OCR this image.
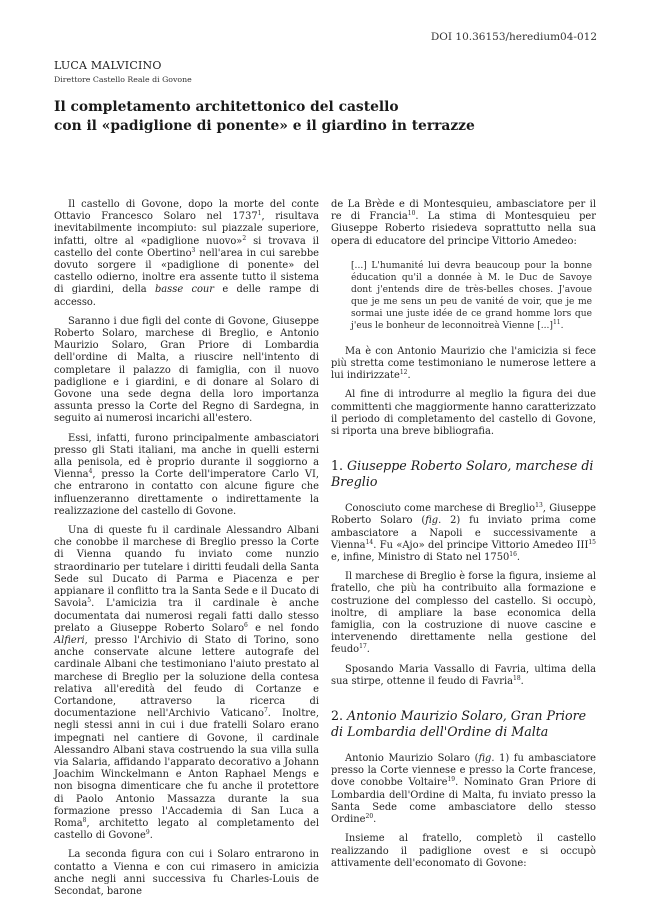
DOI 10.36153/heredium04-012
LUCA MALVICINO
Direttore Castello Reale di Govone
Il completamento architettonico del castello
con il «padiglione di ponente» e il giardino in terrazze

Il castello di Govone, dopo la morte del conte Ottavio Francesco Solaro nel 1737$^1$, risultava inevitabilmente incompiuto: sul piazzale superiore, infatti, oltre al «padiglione nuovo»$^2$ si trovava il castello del conte Obertino$^3$ nell'area in cui sarebbe dovuto sorgere il «padiglione di ponente» del castello odierno, inoltre era assente tutto il sistema di giardini, della basse cour e delle rampe di accesso.

Saranno i due figli del conte di Govone, Giuseppe Roberto Solaro, marchese di Breglio, e Antonio Maurizio Solaro, Gran Priore di Lombardia dell'ordine di Malta, a riuscire nell'intento di completare il palazzo di famiglia, con il nuovo padiglione e i giardini, e di donare al Solaro di Govone una sede degna della loro importanza assunta presso la Corte del Regno di Sardegna, in seguito ai numerosi incarichi all'estero.

Essi, infatti, furono principalmente ambasciatori presso gli Stati italiani, ma anche in quelli esterni alla penisola, ed è proprio durante il soggiorno a Vienna$^4$, presso la Corte dell'imperatore Carlo VI, che entrarono in contatto con alcune figure che influenzeranno direttamente o indirettamente la realizzazione del castello di Govone.

Una di queste fu il cardinale Alessandro Albani che conobbe il marchese di Breglio presso la Corte di Vienna quando fu inviato come nunzio straordinario per tutelare i diritti feudali della Santa Sede sul Ducato di Parma e Piacenza e per appianare il conflitto tra la Santa Sede e il Ducato di Savoia$^5$. L'amicizia tra il cardinale è anche documentata dai numerosi regali fatti dallo stesso prelato a Giuseppe Roberto Solaro$^6$ e nel fondo Alfieri, presso l'Archivio di Stato di Torino, sono anche conservate alcune lettere autografe del cardinale Albani che testimoniano l'aiuto prestato al marchese di Breglio per la soluzione della contesa relativa all'eredità del feudo di Cortanze e Cortandone, attraverso la ricerca di documentazione nell'Archivio Vaticano$^7$. Inoltre, negli stessi anni in cui i due fratelli Solaro erano impegnati nel cantiere di Govone, il cardinale Alessandro Albani stava costruendo la sua villa sulla via Salaria, affidando l'apparato decorativo a Johann Joachim Winckelmann e Anton Raphael Mengs e non bisogna dimenticare che fu anche il protettore di Paolo Antonio Massazza durante la sua formazione presso l'Accademia di San Luca a Roma$^8$, architetto legato al completamento del castello di Govone$^9$.

La seconda figura con cui i Solaro entrarono in contatto a Vienna e con cui rimasero in amicizia anche negli anni successiva fu Charles-Louis de Secondat, barone

de La Brède e di Montesquieu, ambasciatore per il re di Francia$^{10}$. La stima di Montesquieu per Giuseppe Roberto risiedeva soprattutto nella sua opera di educatore del principe Vittorio Amedeo:

[...] L'humanité lui devra beaucoup pour la bonne éducation qu'il a donnée à M. le Duc de Savoye dont j'entends dire de très-belles choses. J'avoue que je me sens un peu de vanité de voir, que je me sormai une juste idée de ce grand homme lors que j'eus le bonheur de leconnoitreà Vienne [...]$^{11}$.

Ma è con Antonio Maurizio che l'amicizia si fece più stretta come testimoniano le numerose lettere a lui indirizzate$^{12}$.

Al fine di introdurre al meglio la figura dei due committenti che maggiormente hanno caratterizzato il periodo di completamento del castello di Govone, si riporta una breve bibliografia.

1. Giuseppe Roberto Solaro, marchese di Breglio

Conosciuto come marchese di Breglio$^{13}$, Giuseppe Roberto Solaro (fig. 2) fu inviato prima come ambasciatore a Napoli e successivamente a Vienna$^{14}$. Fu «Ajo» del principe Vittorio Amedeo III$^{15}$ e, infine, Ministro di Stato nel 1750$^{16}$.

Il marchese di Breglio è forse la figura, insieme al fratello, che più ha contribuito alla formazione e costruzione del complesso del castello. Si occupò, inoltre, di ampliare la base economica della famiglia, con la costruzione di nuove cascine e intervenendo direttamente nella gestione del feudo$^{17}$.

Sposando Maria Vassallo di Favria, ultima della sua stirpe, ottenne il feudo di Favria$^{18}$.

2. Antonio Maurizio Solaro, Gran Priore di Lombardia dell'Ordine di Malta

Antonio Maurizio Solaro (fig. 1) fu ambasciatore presso la Corte viennese e presso la Corte francese, dove conobbe Voltaire$^{19}$. Nominato Gran Priore di Lombardia dell'Ordine di Malta, fu inviato presso la Santa Sede come ambasciatore dello stesso Ordine$^{20}$.

Insieme al fratello, completò il castello realizzando il padiglione ovest e si occupò attivamente dell'economato di Govone:
